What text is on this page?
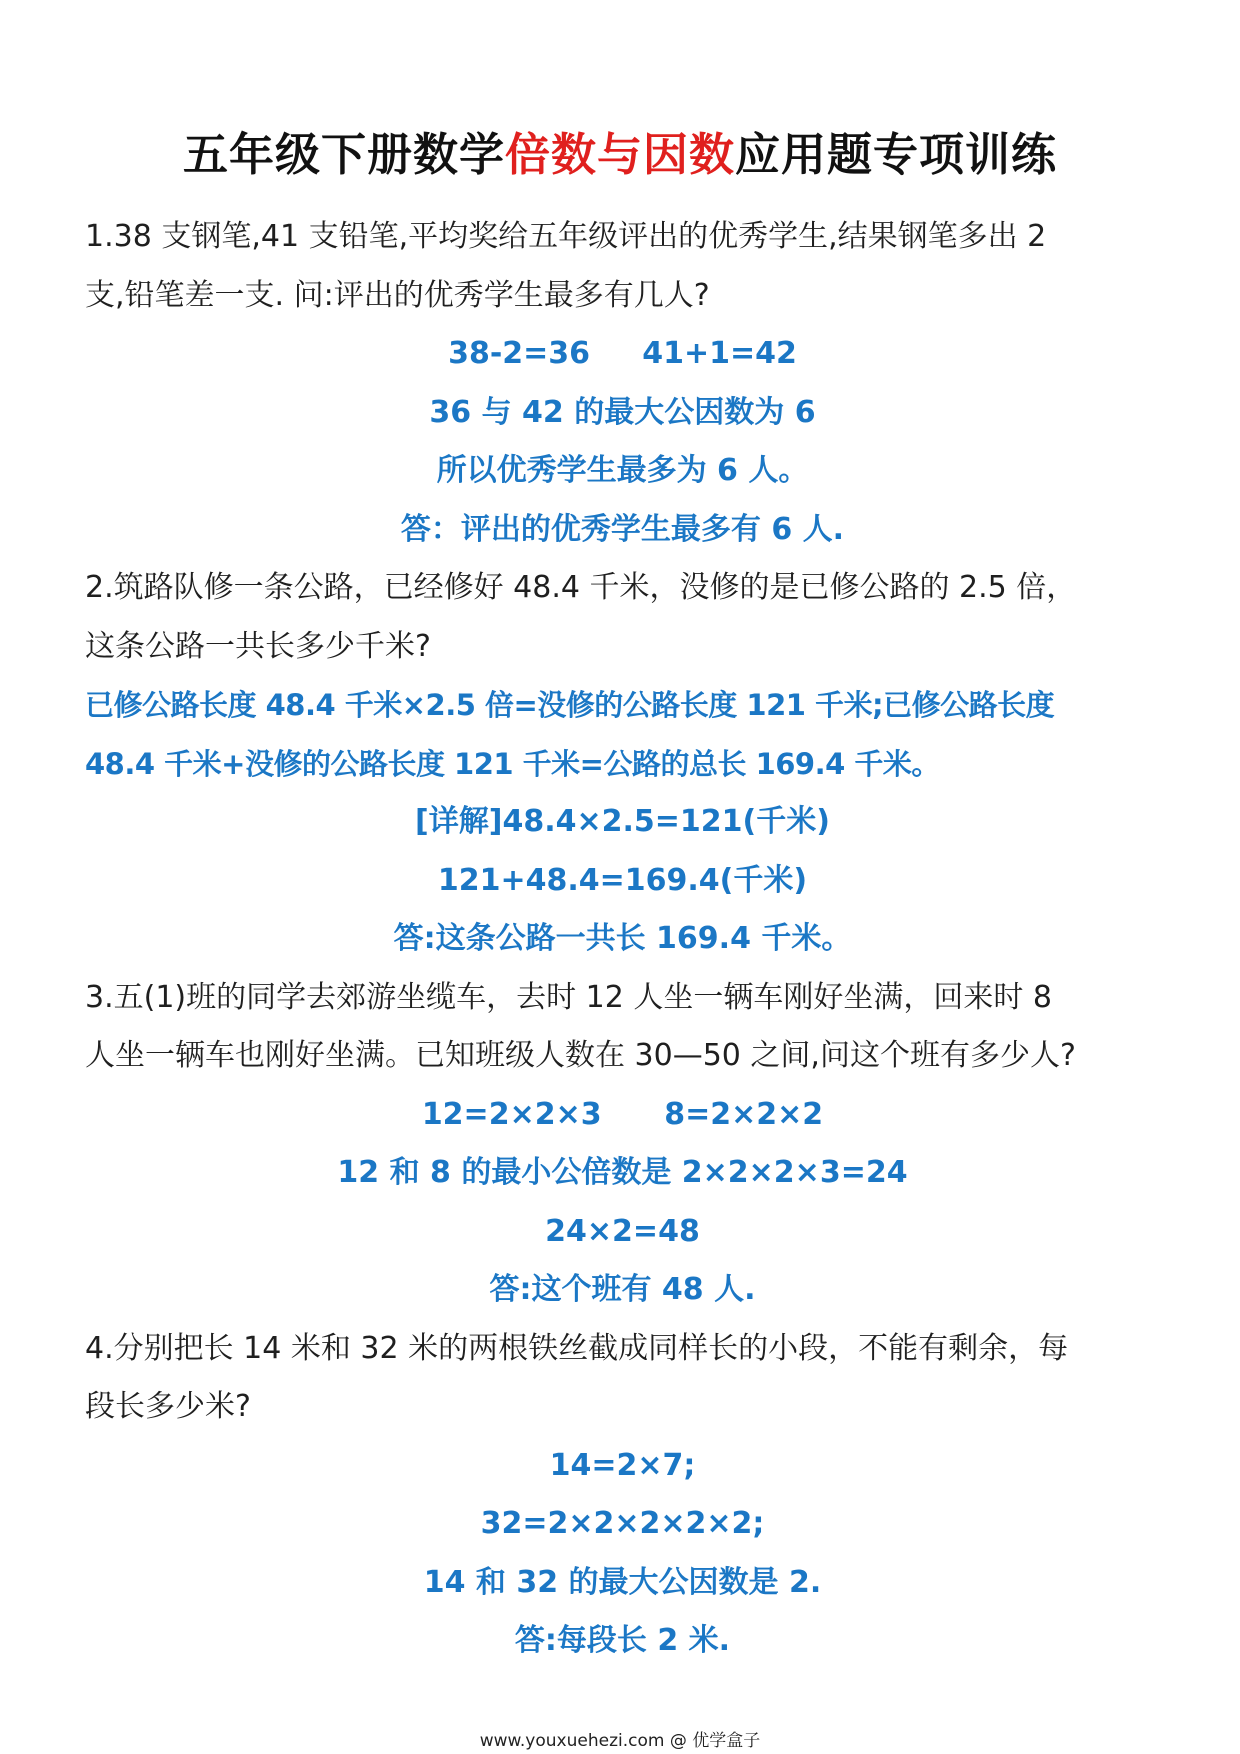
五年级下册数学倍数与因数应用题专项训练
1.38 支钢笔,41 支铅笔,平均奖给五年级评出的优秀学生,结果钢笔多出 2
支,铅笔差一支. 问:评出的优秀学生最多有几人?
38-2=36     41+1=42
36 与 42 的最大公因数为 6
所以优秀学生最多为 6 人。
答：评出的优秀学生最多有 6 人.
2.筑路队修一条公路，已经修好 48.4 千米，没修的是已修公路的 2.5 倍，
这条公路一共长多少千米?
已修公路长度 48.4 千米×2.5 倍=没修的公路长度 121 千米;已修公路长度
48.4 千米+没修的公路长度 121 千米=公路的总长 169.4 千米。
[详解]48.4×2.5=121(千米)
121+48.4=169.4(千米)
答:这条公路一共长 169.4 千米。
3.五(1)班的同学去郊游坐缆车，去时 12 人坐一辆车刚好坐满，回来时 8
人坐一辆车也刚好坐满。已知班级人数在 30—50 之间,问这个班有多少人?
12=2×2×3      8=2×2×2
12 和 8 的最小公倍数是 2×2×2×3=24
24×2=48
答:这个班有 48 人.
4.分别把长 14 米和 32 米的两根铁丝截成同样长的小段，不能有剩余，每
段长多少米?
14=2×7;
32=2×2×2×2×2;
14 和 32 的最大公因数是 2.
答:每段长 2 米.
www.youxuehezi.com @ 优学盒子
